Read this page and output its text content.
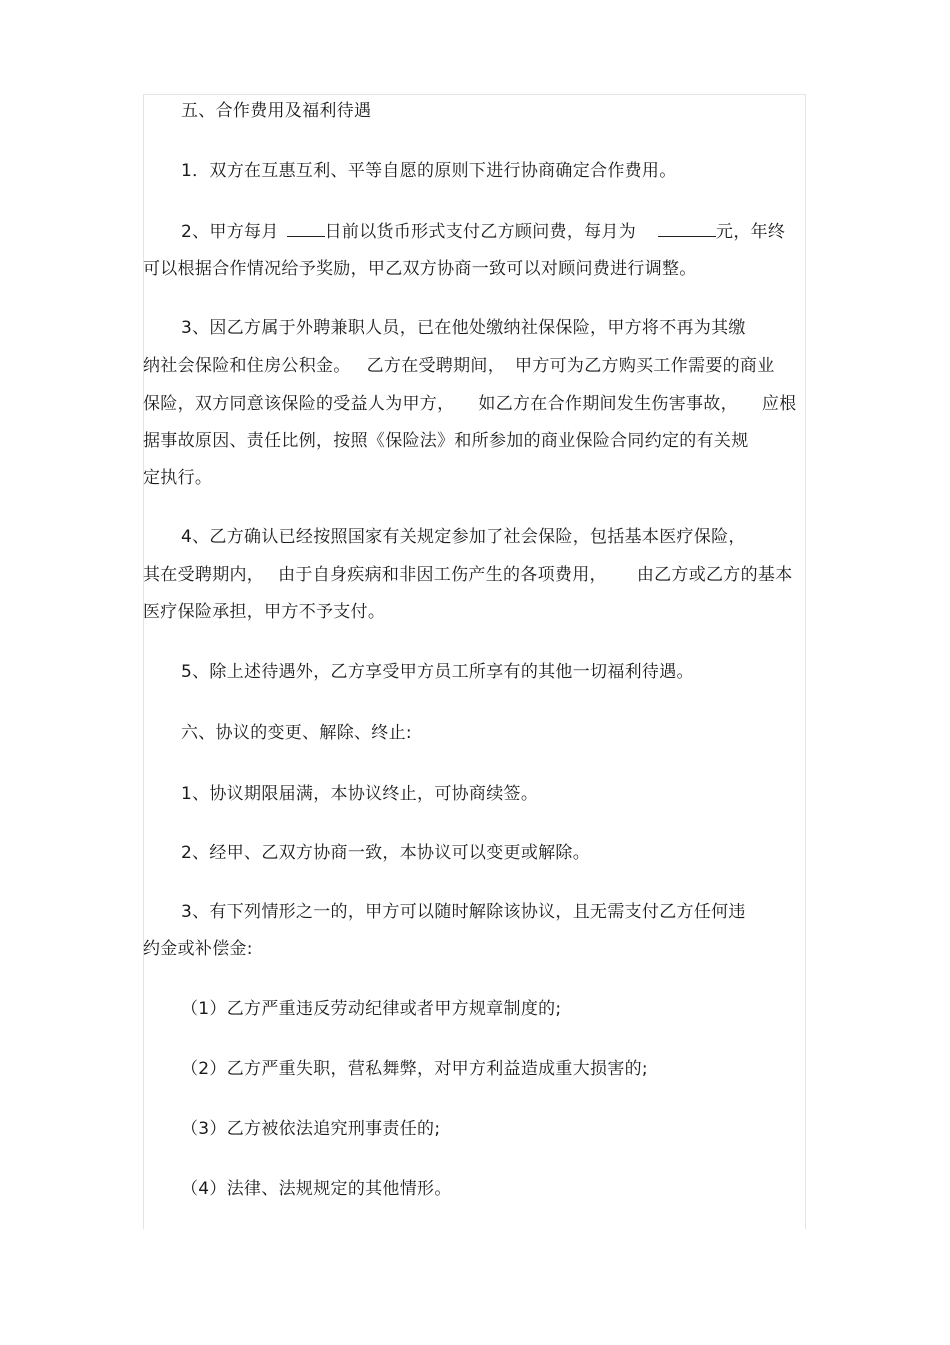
五、合作费用及福利待遇
1．双方在互惠互利、平等自愿的原则下进行协商确定合作费用。
2、甲方每月	日前以货币形式支付乙方顾问费，每月为	元，年终
可以根据合作情况给予奖励，甲乙双方协商一致可以对顾问费进行调整。
3、因乙方属于外聘兼职人员，已在他处缴纳社保保险，甲方将不再为其缴
纳社会保险和住房公积金。 乙方在受聘期间， 甲方可为乙方购买工作需要的商业
保险，双方同意该保险的受益人为甲方， 如乙方在合作期间发生伤害事故， 应根
据事故原因、责任比例，按照《保险法》和所参加的商业保险合同约定的有关规
定执行。
4、乙方确认已经按照国家有关规定参加了社会保险，包括基本医疗保险，
其在受聘期内， 由于自身疾病和非因工伤产生的各项费用， 由乙方或乙方的基本
医疗保险承担，甲方不予支付。
5、除上述待遇外，乙方享受甲方员工所享有的其他一切福利待遇。
六、协议的变更、解除、终止:
1、协议期限届满，本协议终止，可协商续签。
2、经甲、乙双方协商一致，本协议可以变更或解除。
3、有下列情形之一的，甲方可以随时解除该协议，且无需支付乙方任何违
约金或补偿金:
（1）乙方严重违反劳动纪律或者甲方规章制度的;
（2）乙方严重失职，营私舞弊，对甲方利益造成重大损害的;
（3）乙方被依法追究刑事责任的;
（4）法律、法规规定的其他情形。
